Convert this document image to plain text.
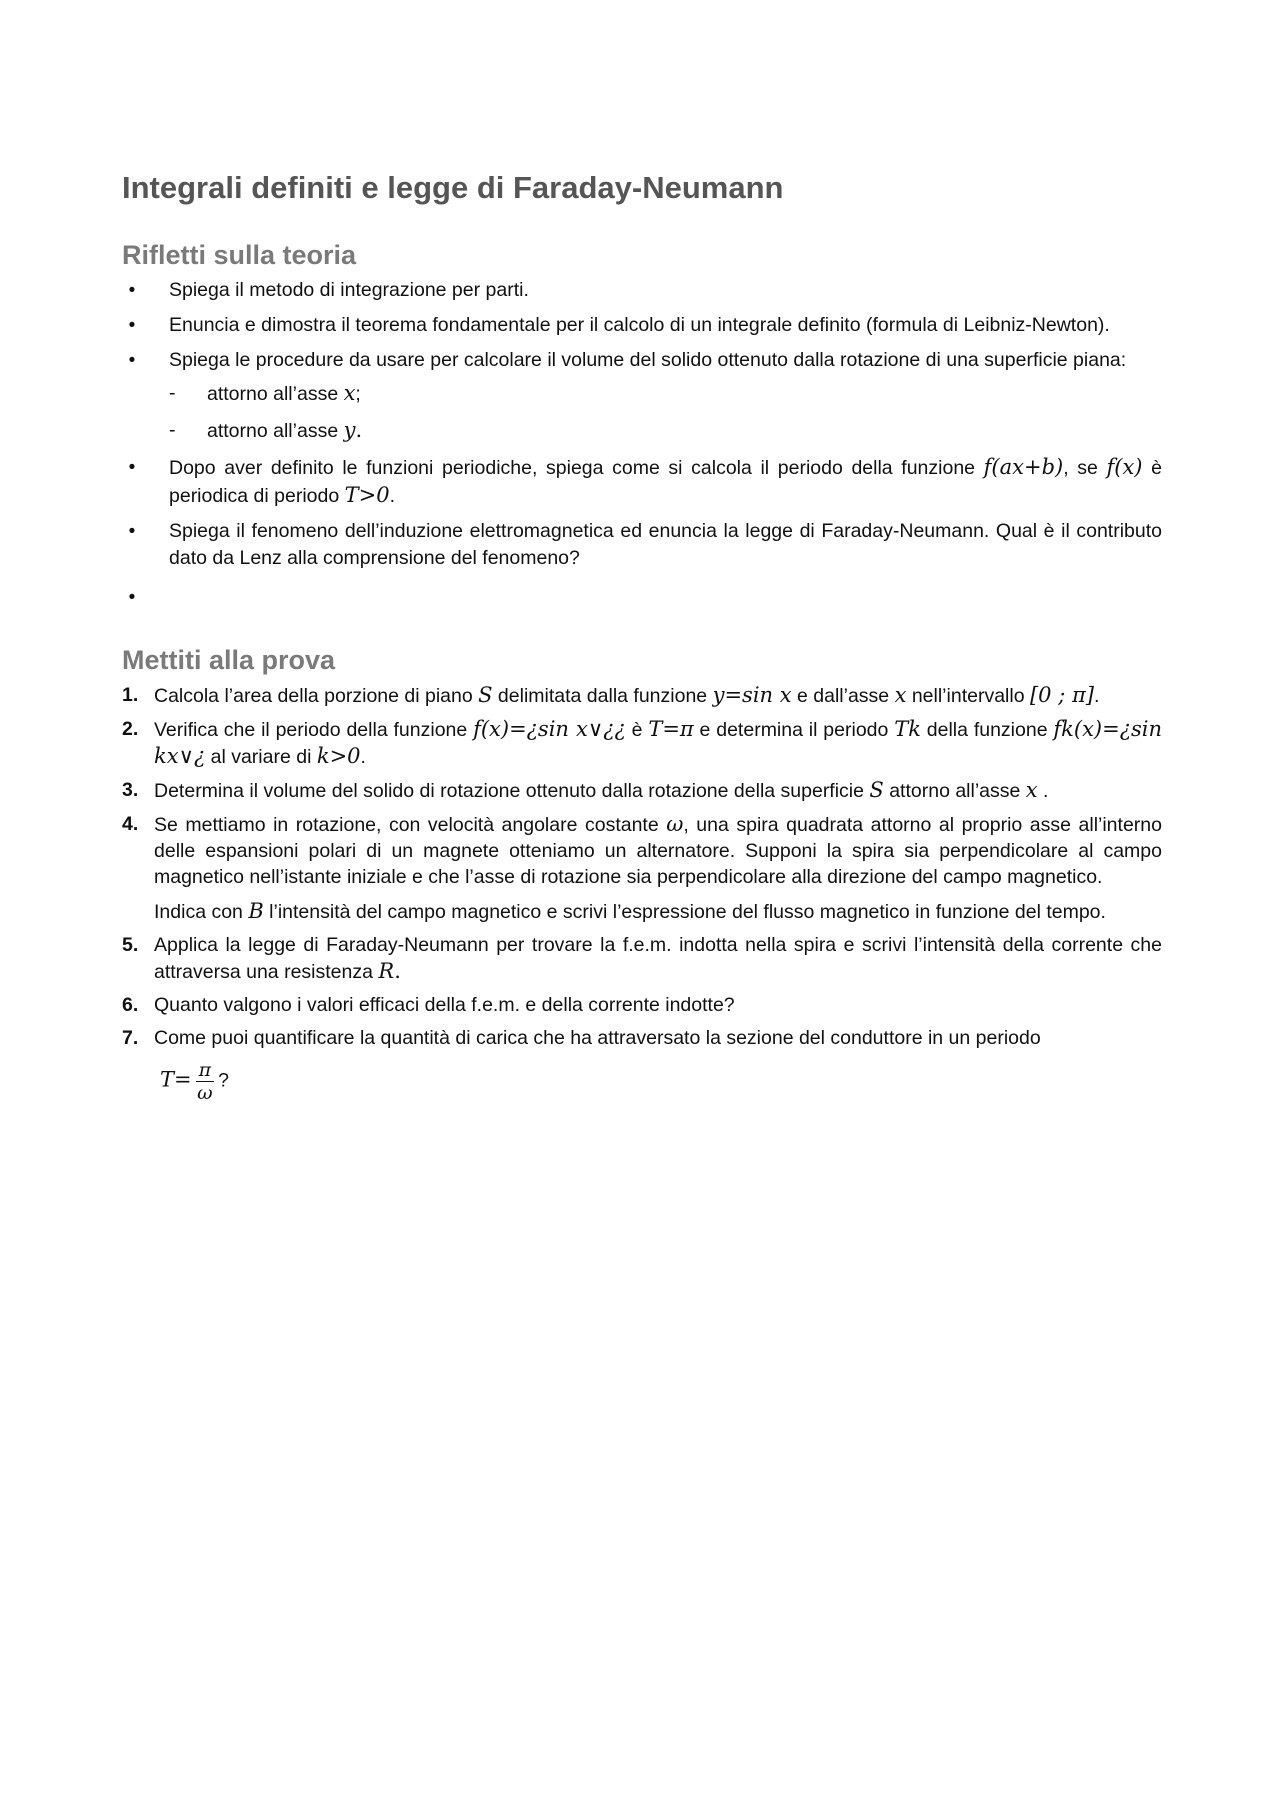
Integrali definiti e legge di Faraday-Neumann
Rifletti sulla teoria
•	Spiega il metodo di integrazione per parti.
•	Enuncia e dimostra il teorema fondamentale per il calcolo di un integrale definito (formula di Leibniz-Newton).
•	Spiega le procedure da usare per calcolare il volume del solido ottenuto dalla rotazione di una superficie piana:
- attorno all’asse x;
- attorno all’asse y.
•	Dopo aver definito le funzioni periodiche, spiega come si calcola il periodo della funzione f(ax+b), se f(x) è periodica di periodo T>0.
•	Spiega il fenomeno dell’induzione elettromagnetica ed enuncia la legge di Faraday-Neumann. Qual è il contributo dato da Lenz alla comprensione del fenomeno?
•
Mettiti alla prova
1. Calcola l’area della porzione di piano S delimitata dalla funzione y=sin x e dall’asse x nell’intervallo [0 ; π].
2. Verifica che il periodo della funzione f(x)=¿sin x∨¿¿ è T=π e determina il periodo Tk della funzione fk(x)=¿sin kx∨¿ al variare di k>0.
3. Determina il volume del solido di rotazione ottenuto dalla rotazione della superficie S attorno all’asse x .
4. Se mettiamo in rotazione, con velocità angolare costante ω, una spira quadrata attorno al proprio asse all’interno delle espansioni polari di un magnete otteniamo un alternatore. Supponi la spira sia perpendicolare al campo magnetico nell’istante iniziale e che l’asse di rotazione sia perpendicolare alla direzione del campo magnetico.
Indica con B l’intensità del campo magnetico e scrivi l’espressione del flusso magnetico in funzione del tempo.
5. Applica la legge di Faraday-Neumann per trovare la f.e.m. indotta nella spira e scrivi l’intensità della corrente che attraversa una resistenza R.
6. Quanto valgono i valori efficaci della f.e.m. e della corrente indotte?
7. Come puoi quantificare la quantità di carica che ha attraversato la sezione del conduttore in un periodo
$T= \frac{\pi}{\omega}$ ?
